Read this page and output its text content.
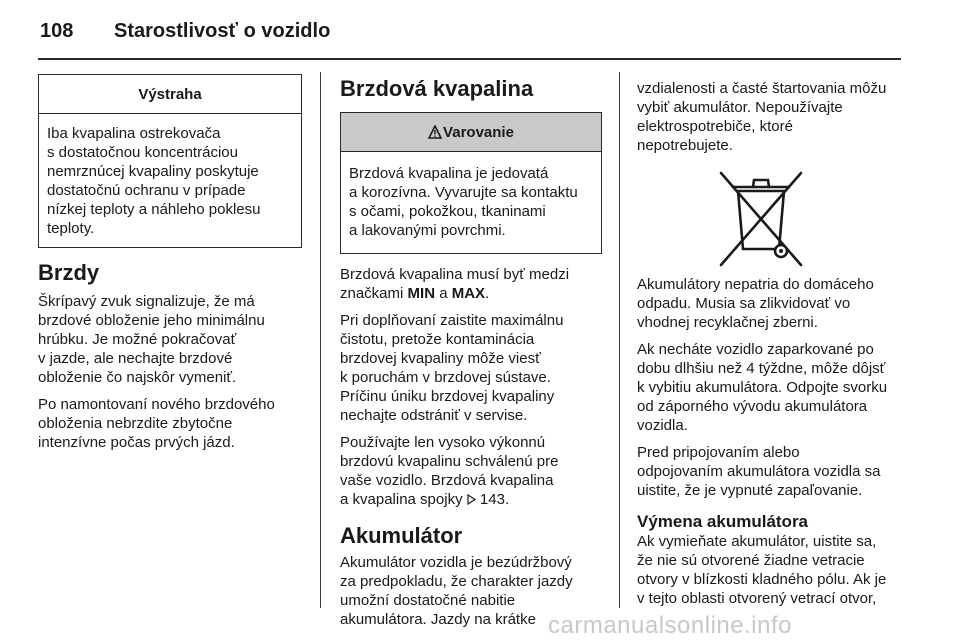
108 Starostlivosť o vozidlo
Výstraha
Iba kvapalina ostrekovača
s dostatočnou koncentráciou
nemrznúcej kvapaliny poskytuje
dostatočnú ochranu v prípade
nízkej teploty a náhleho poklesu
teploty.
Brzdy

Škrípavý zvuk signalizuje, že má
brzdové obloženie jeho minimálnu
hrúbku. Je možné pokračovať
v jazde, ale nechajte brzdové
obloženie čo najskôr vymeniť.

Po namontovaní nového brzdového
obloženia nebrzdite zbytočne
intenzívne počas prvých jázd.

Brzdová kvapalina
Varovanie
Brzdová kvapalina je jedovatá
a korozívna. Vyvarujte sa kontaktu
s očami, pokožkou, tkaninami
a lakovanými povrchmi.

Brzdová kvapalina musí byť medzi
značkami MIN a MAX.

Pri doplňovaní zaistite maximálnu
čistotu, pretože kontaminácia
brzdovej kvapaliny môže viesť
k poruchám v brzdovej sústave.
Príčinu úniku brzdovej kvapaliny
nechajte odstrániť v servise.

Používajte len vysoko výkonnú
brzdovú kvapalinu schválenú pre
vaše vozidlo. Brzdová kvapalina
a kvapalina spojky  143.

Akumulátor

Akumulátor vozidla je bezúdržbový
za predpokladu, že charakter jazdy
umožní dostatočné nabitie
akumulátora. Jazdy na krátke

vzdialenosti a časté štartovania môžu
vybiť akumulátor. Nepoužívajte
elektrospotrebiče, ktoré
nepotrebujete.

Akumulátory nepatria do domáceho
odpadu. Musia sa zlikvidovať vo
vhodnej recyklačnej zberni.

Ak necháte vozidlo zaparkované po
dobu dlhšiu než 4 týždne, môže dôjsť
k vybitiu akumulátora. Odpojte svorku
od záporného vývodu akumulátora
vozidla.

Pred pripojovaním alebo
odpojovaním akumulátora vozidla sa
uistite, že je vypnuté zapaľovanie.

Výmena akumulátora

Ak vymieňate akumulátor, uistite sa,
že nie sú otvorené žiadne vetracie
otvory v blízkosti kladného pólu. Ak je
v tejto oblasti otvorený vetrací otvor,

carmanualsonline.info
